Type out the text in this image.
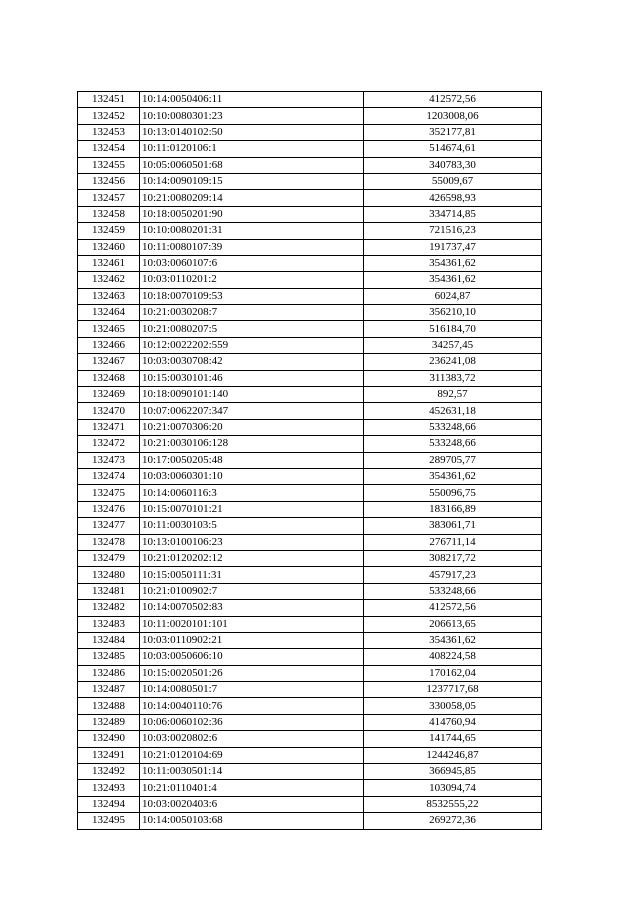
132451	10:14:0050406:11	412572,56
132452	10:10:0080301:23	1203008,06
132453	10:13:0140102:50	352177,81
132454	10:11:0120106:1	514674,61
132455	10:05:0060501:68	340783,30
132456	10:14:0090109:15	55009,67
132457	10:21:0080209:14	426598,93
132458	10:18:0050201:90	334714,85
132459	10:10:0080201:31	721516,23
132460	10:11:0080107:39	191737,47
132461	10:03:0060107:6	354361,62
132462	10:03:0110201:2	354361,62
132463	10:18:0070109:53	6024,87
132464	10:21:0030208:7	356210,10
132465	10:21:0080207:5	516184,70
132466	10:12:0022202:559	34257,45
132467	10:03:0030708:42	236241,08
132468	10:15:0030101:46	311383,72
132469	10:18:0090101:140	892,57
132470	10:07:0062207:347	452631,18
132471	10:21:0070306:20	533248,66
132472	10:21:0030106:128	533248,66
132473	10:17:0050205:48	289705,77
132474	10:03:0060301:10	354361,62
132475	10:14:0060116:3	550096,75
132476	10:15:0070101:21	183166,89
132477	10:11:0030103:5	383061,71
132478	10:13:0100106:23	276711,14
132479	10:21:0120202:12	308217,72
132480	10:15:0050111:31	457917,23
132481	10:21:0100902:7	533248,66
132482	10:14:0070502:83	412572,56
132483	10:11:0020101:101	206613,65
132484	10:03:0110902:21	354361,62
132485	10:03:0050606:10	408224,58
132486	10:15:0020501:26	170162,04
132487	10:14:0080501:7	1237717,68
132488	10:14:0040110:76	330058,05
132489	10:06:0060102:36	414760,94
132490	10:03:0020802:6	141744,65
132491	10:21:0120104:69	1244246,87
132492	10:11:0030501:14	366945,85
132493	10:21:0110401:4	103094,74
132494	10:03:0020403:6	8532555,22
132495	10:14:0050103:68	269272,36
